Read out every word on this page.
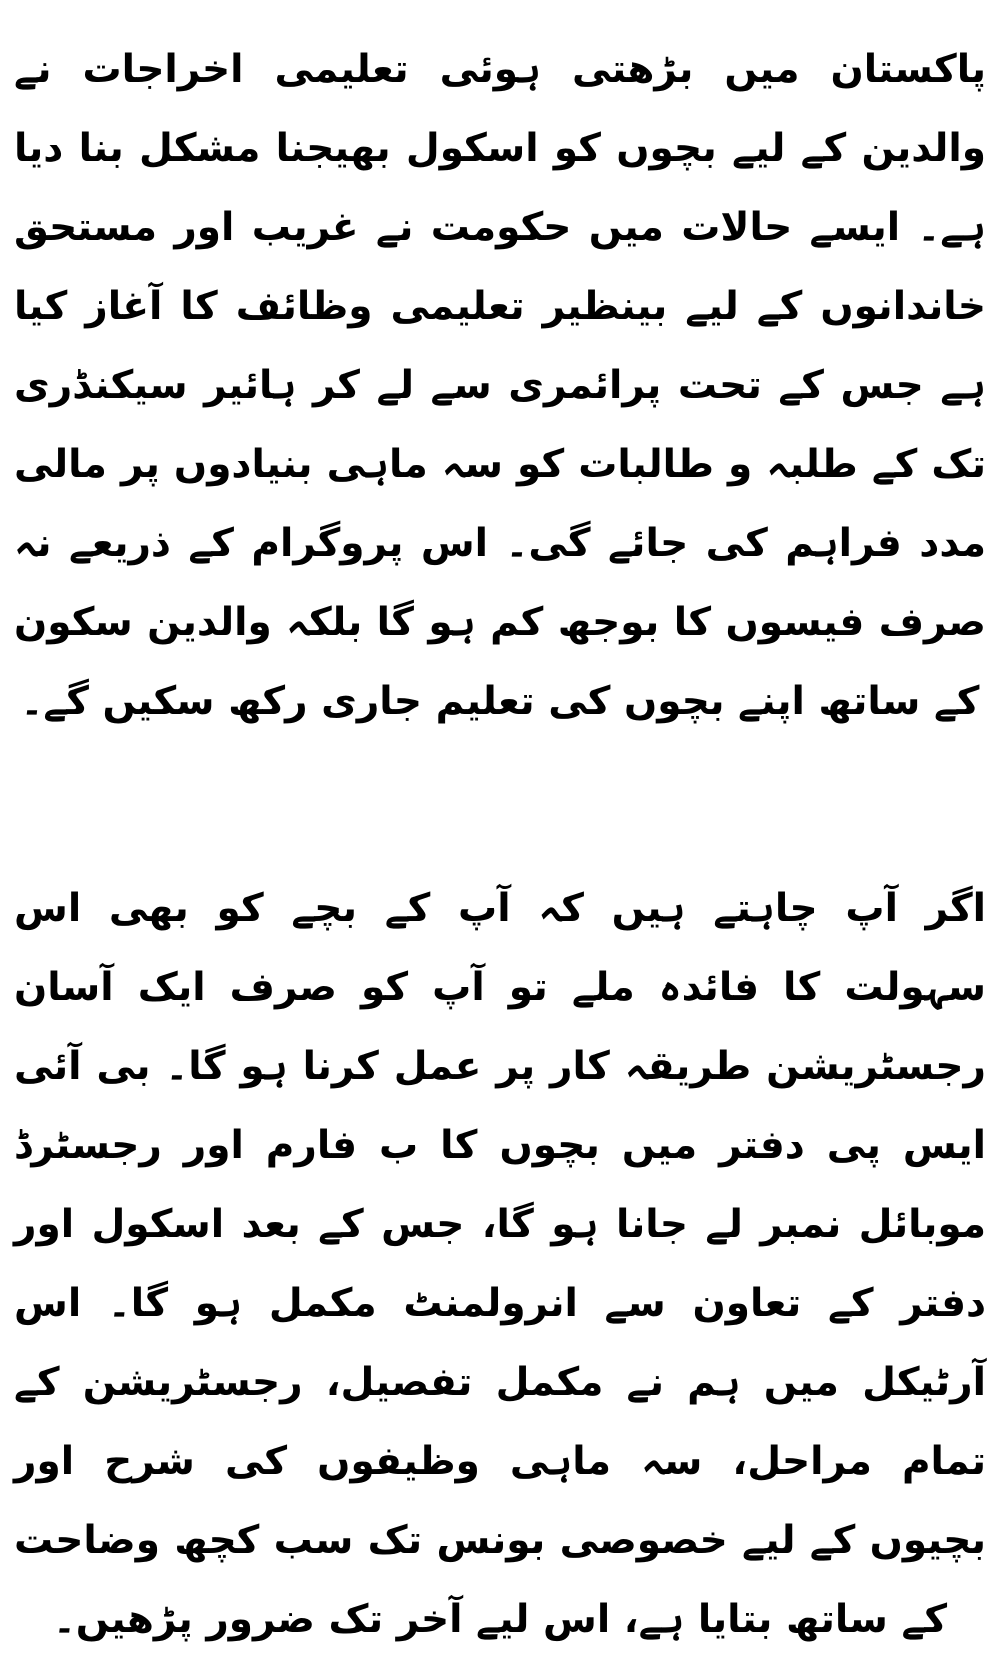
پاکستان میں بڑھتی ہوئی تعلیمی اخراجات نے والدین کے لیے بچوں کو اسکول بھیجنا مشکل بنا دیا ہے۔ ایسے حالات میں حکومت نے غریب اور مستحق خاندانوں کے لیے بینظیر تعلیمی وظائف کا آغاز کیا ہے جس کے تحت پرائمری سے لے کر ہائیر سیکنڈری تک کے طلبہ و طالبات کو سہ ماہی بنیادوں پر مالی مدد فراہم کی جائے گی۔ اس پروگرام کے ذریعے نہ صرف فیسوں کا بوجھ کم ہو گا بلکہ والدین سکون کے ساتھ اپنے بچوں کی تعلیم جاری رکھ سکیں گے۔

اگر آپ چاہتے ہیں کہ آپ کے بچے کو بھی اس سہولت کا فائدہ ملے تو آپ کو صرف ایک آسان رجسٹریشن طریقہ کار پر عمل کرنا ہو گا۔ بی آئی ایس پی دفتر میں بچوں کا ب فارم اور رجسٹرڈ موبائل نمبر لے جانا ہو گا، جس کے بعد اسکول اور دفتر کے تعاون سے انرولمنٹ مکمل ہو گا۔ اس آرٹیکل میں ہم نے مکمل تفصیل، رجسٹریشن کے تمام مراحل، سہ ماہی وظیفوں کی شرح اور بچیوں کے لیے خصوصی بونس تک سب کچھ وضاحت کے ساتھ بتایا ہے، اس لیے آخر تک ضرور پڑھیں۔
